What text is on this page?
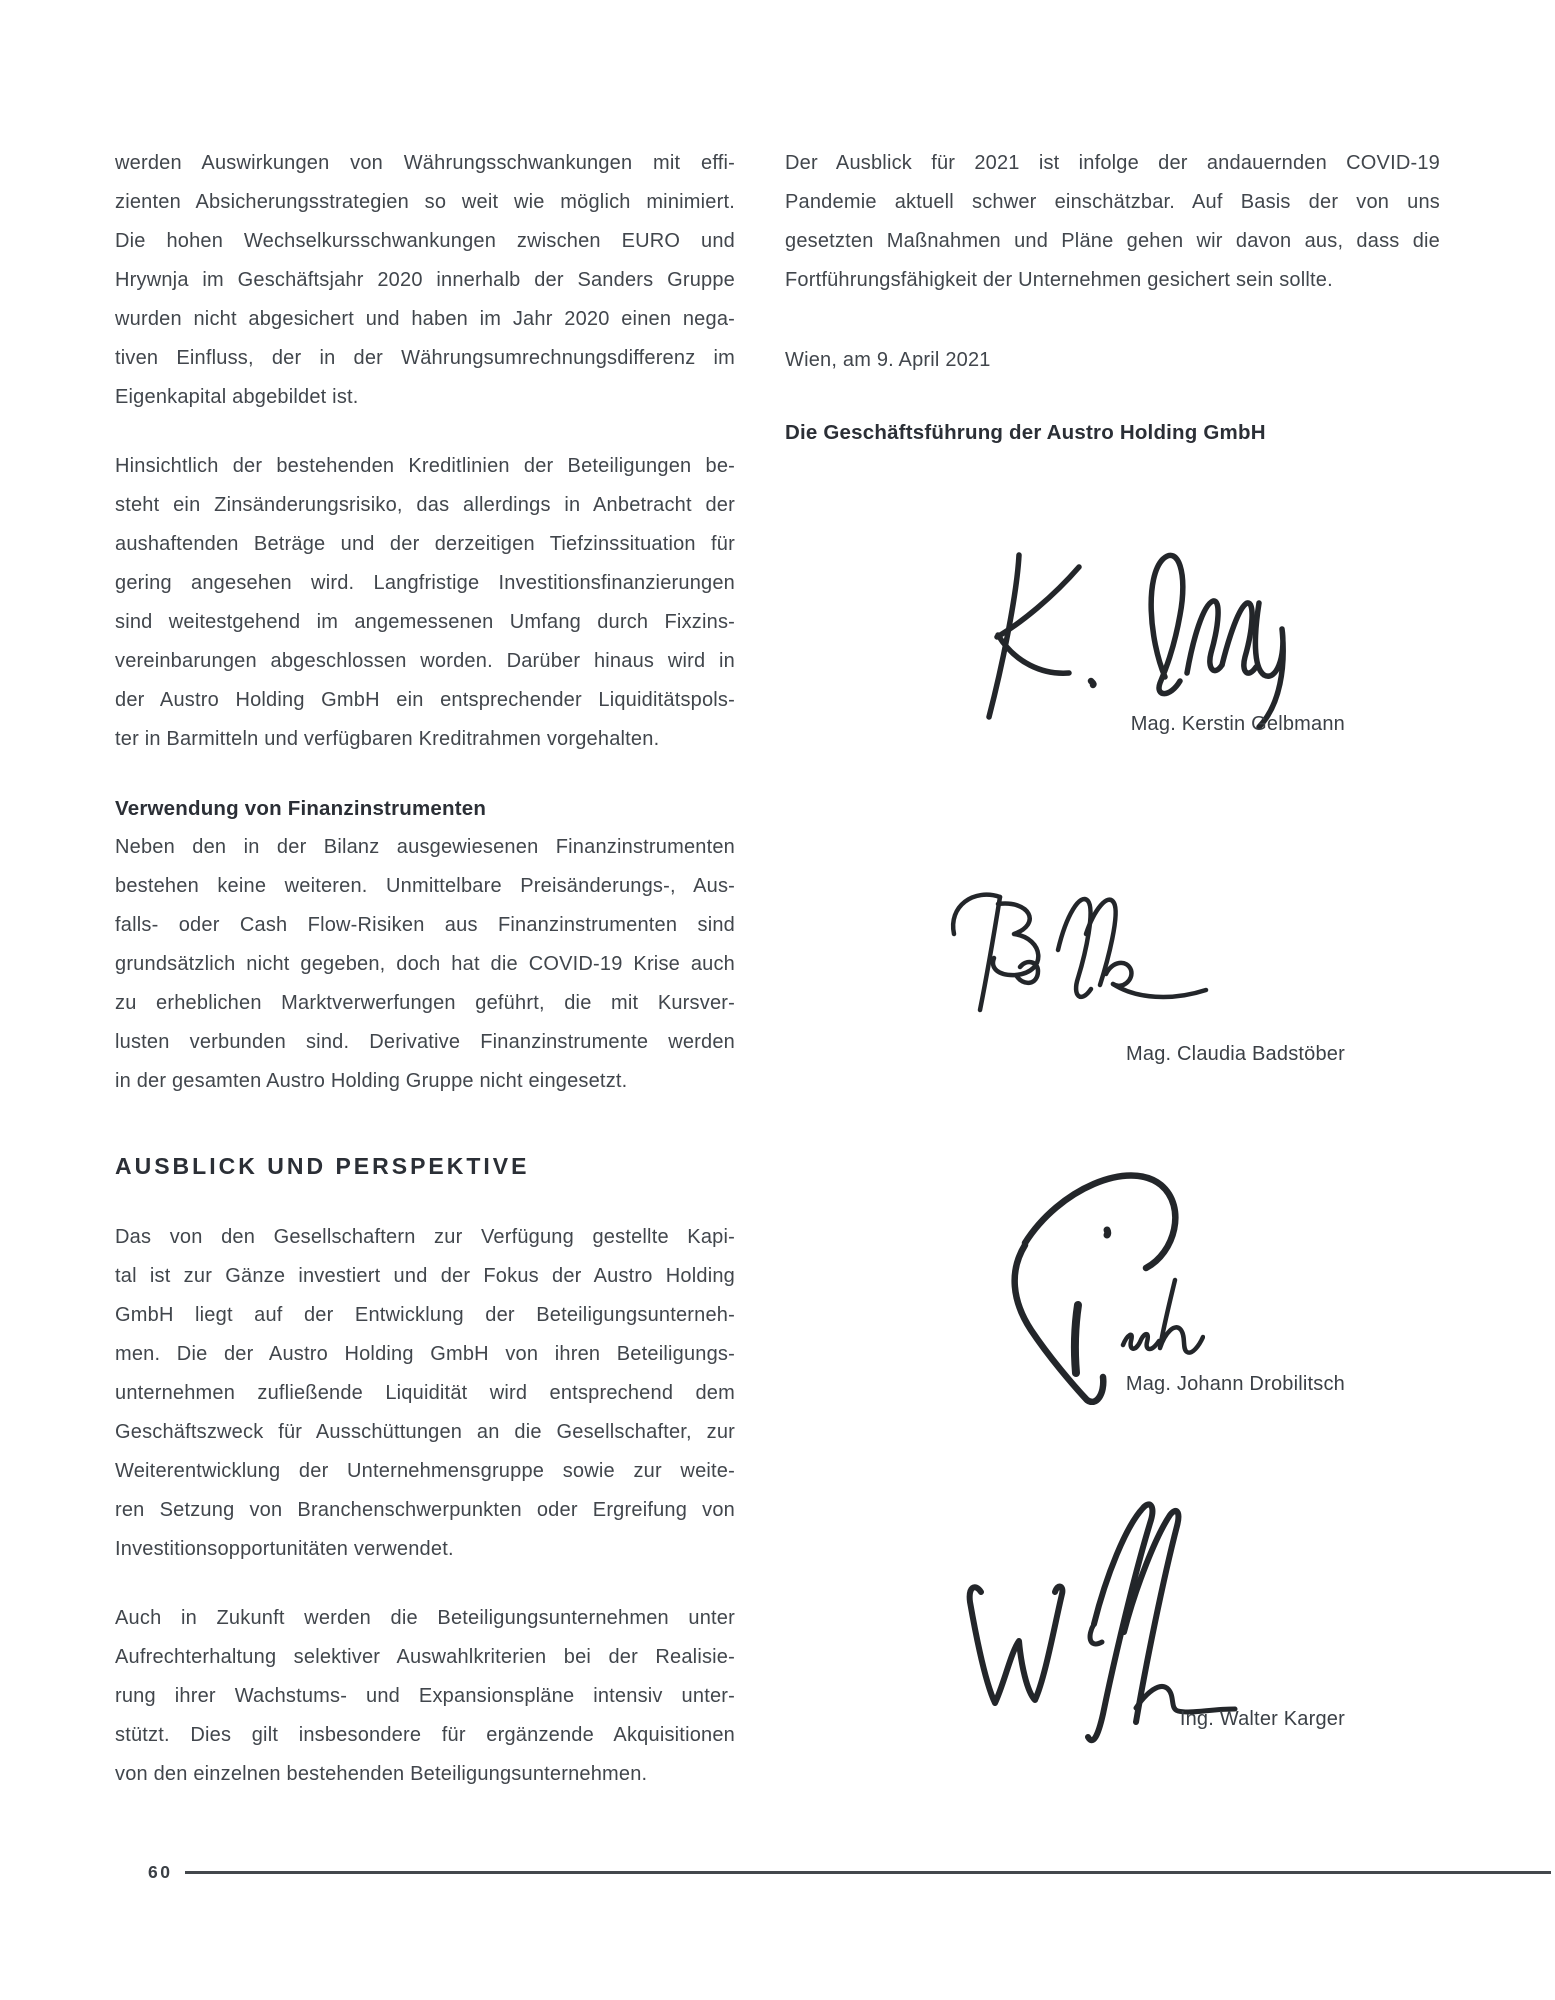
werden Auswirkungen von Währungsschwankungen mit effi-
zienten Absicherungsstrategien so weit wie möglich minimiert.
Die hohen Wechselkursschwankungen zwischen EURO und
Hrywnja im Geschäftsjahr 2020 innerhalb der Sanders Gruppe
wurden nicht abgesichert und haben im Jahr 2020 einen nega-
tiven Einfluss, der in der Währungsumrechnungsdifferenz im
Eigenkapital abgebildet ist.
Hinsichtlich der bestehenden Kreditlinien der Beteiligungen be-
steht ein Zinsänderungsrisiko, das allerdings in Anbetracht der
aushaftenden Beträge und der derzeitigen Tiefzinssituation für
gering angesehen wird. Langfristige Investitionsfinanzierungen
sind weitestgehend im angemessenen Umfang durch Fixzins-
vereinbarungen abgeschlossen worden. Darüber hinaus wird in
der Austro Holding GmbH ein entsprechender Liquiditätspols-
ter in Barmitteln und verfügbaren Kreditrahmen vorgehalten.
Verwendung von Finanzinstrumenten
Neben den in der Bilanz ausgewiesenen Finanzinstrumenten
bestehen keine weiteren. Unmittelbare Preisänderungs-, Aus-
falls- oder Cash Flow-Risiken aus Finanzinstrumenten sind
grundsätzlich nicht gegeben, doch hat die COVID-19 Krise auch
zu erheblichen Marktverwerfungen geführt, die mit Kursver-
lusten verbunden sind. Derivative Finanzinstrumente werden
in der gesamten Austro Holding Gruppe nicht eingesetzt.
AUSBLICK UND PERSPEKTIVE
Das von den Gesellschaftern zur Verfügung gestellte Kapi-
tal ist zur Gänze investiert und der Fokus der Austro Holding
GmbH liegt auf der Entwicklung der Beteiligungsunterneh-
men. Die der Austro Holding GmbH von ihren Beteiligungs-
unternehmen zufließende Liquidität wird entsprechend dem
Geschäftszweck für Ausschüttungen an die Gesellschafter, zur
Weiterentwicklung der Unternehmensgruppe sowie zur weite-
ren Setzung von Branchenschwerpunkten oder Ergreifung von
Investitionsopportunitäten verwendet.
Auch in Zukunft werden die Beteiligungsunternehmen unter
Aufrechterhaltung selektiver Auswahlkriterien bei der Realisie-
rung ihrer Wachstums- und Expansionspläne intensiv unter-
stützt. Dies gilt insbesondere für ergänzende Akquisitionen
von den einzelnen bestehenden Beteiligungsunternehmen.
Der Ausblick für 2021 ist infolge der andauernden COVID-19
Pandemie aktuell schwer einschätzbar. Auf Basis der von uns
gesetzten Maßnahmen und Pläne gehen wir davon aus, dass die
Fortführungsfähigkeit der Unternehmen gesichert sein sollte.
Wien, am 9. April 2021
Die Geschäftsführung der Austro Holding GmbH
Mag. Kerstin Gelbmann
Mag. Claudia Badstöber
Mag. Johann Drobilitsch
Ing. Walter Karger
60
